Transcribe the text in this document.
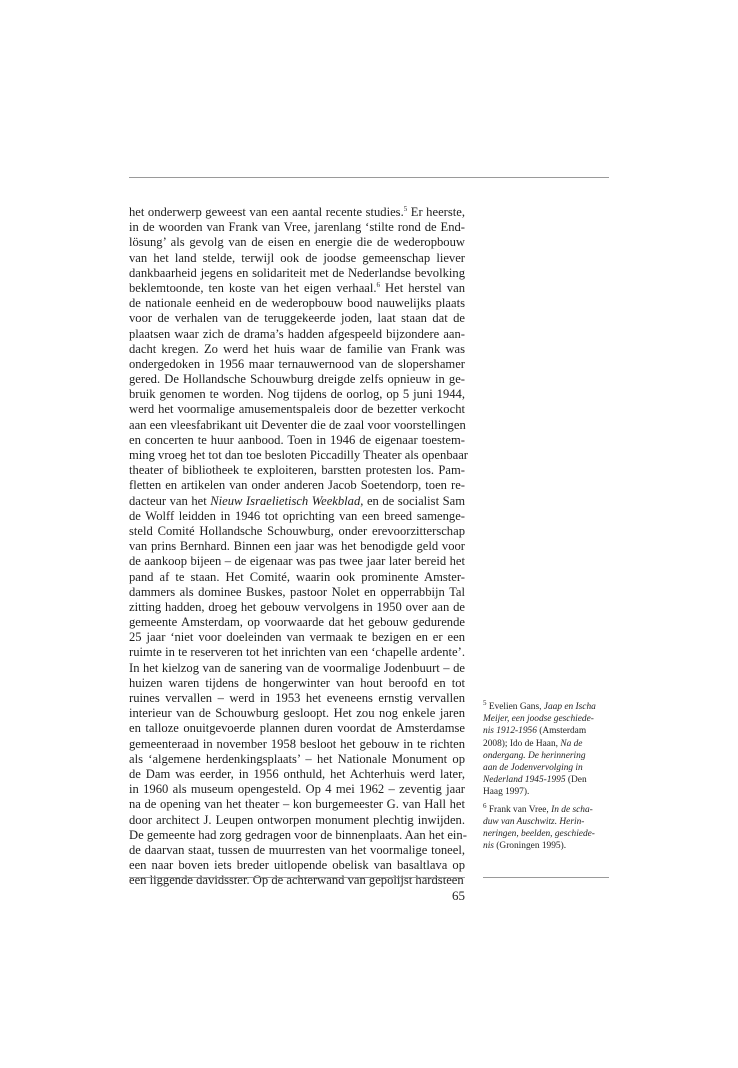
het onderwerp geweest van een aantal recente studies.$^5$ Er heerste,
in de woorden van Frank van Vree, jarenlang ‘stilte rond de End-
lösung’ als gevolg van de eisen en energie die de wederopbouw
van het land stelde, terwijl ook de joodse gemeenschap liever
dankbaarheid jegens en solidariteit met de Nederlandse bevolking
beklemtoonde, ten koste van het eigen verhaal.$^6$ Het herstel van
de nationale eenheid en de wederopbouw bood nauwelijks plaats
voor de verhalen van de teruggekeerde joden, laat staan dat de
plaatsen waar zich de drama’s hadden afgespeeld bijzondere aan-
dacht kregen. Zo werd het huis waar de familie van Frank was
ondergedoken in 1956 maar ternauwernood van de slopershamer
gered. De Hollandsche Schouwburg dreigde zelfs opnieuw in ge-
bruik genomen te worden. Nog tijdens de oorlog, op 5 juni 1944,
werd het voormalige amusementspaleis door de bezetter verkocht
aan een vleesfabrikant uit Deventer die de zaal voor voorstellingen
en concerten te huur aanbood. Toen in 1946 de eigenaar toestem-
ming vroeg het tot dan toe besloten Piccadilly Theater als openbaar
theater of bibliotheek te exploiteren, barstten protesten los. Pam-
fletten en artikelen van onder anderen Jacob Soetendorp, toen re-
dacteur van het Nieuw Israelietisch Weekblad, en de socialist Sam
de Wolff leidden in 1946 tot oprichting van een breed samenge-
steld Comité Hollandsche Schouwburg, onder erevoorzitterschap
van prins Bernhard. Binnen een jaar was het benodigde geld voor
de aankoop bijeen – de eigenaar was pas twee jaar later bereid het
pand af te staan. Het Comité, waarin ook prominente Amster-
dammers als dominee Buskes, pastoor Nolet en opperrabbijn Tal
zitting hadden, droeg het gebouw vervolgens in 1950 over aan de
gemeente Amsterdam, op voorwaarde dat het gebouw gedurende
25 jaar ‘niet voor doeleinden van vermaak te bezigen en er een
ruimte in te reserveren tot het inrichten van een ‘chapelle ardente’.
In het kielzog van de sanering van de voormalige Jodenbuurt – de
huizen waren tijdens de hongerwinter van hout beroofd en tot
ruines vervallen – werd in 1953 het eveneens ernstig vervallen
interieur van de Schouwburg gesloopt. Het zou nog enkele jaren
en talloze onuitgevoerde plannen duren voordat de Amsterdamse
gemeenteraad in november 1958 besloot het gebouw in te richten
als ‘algemene herdenkingsplaats’ – het Nationale Monument op
de Dam was eerder, in 1956 onthuld, het Achterhuis werd later,
in 1960 als museum opengesteld. Op 4 mei 1962 – zeventig jaar
na de opening van het theater – kon burgemeester G. van Hall het
door architect J. Leupen ontworpen monument plechtig inwijden.
De gemeente had zorg gedragen voor de binnenplaats. Aan het ein-
de daarvan staat, tussen de muurresten van het voormalige toneel,
een naar boven iets breder uitlopende obelisk van basaltlava op
een liggende davidsster. Op de achterwand van gepolijst hardsteen
$^5$ Evelien Gans, Jaap en Ischa
Meijer, een joodse geschiede-
nis 1912-1956 (Amsterdam
2008); Ido de Haan, Na de
ondergang. De herinnering
aan de Jodenvervolging in
Nederland 1945-1995 (Den
Haag 1997).
$^6$ Frank van Vree, In de scha-
duw van Auschwitz. Herin-
neringen, beelden, geschiede-
nis (Groningen 1995).
65
